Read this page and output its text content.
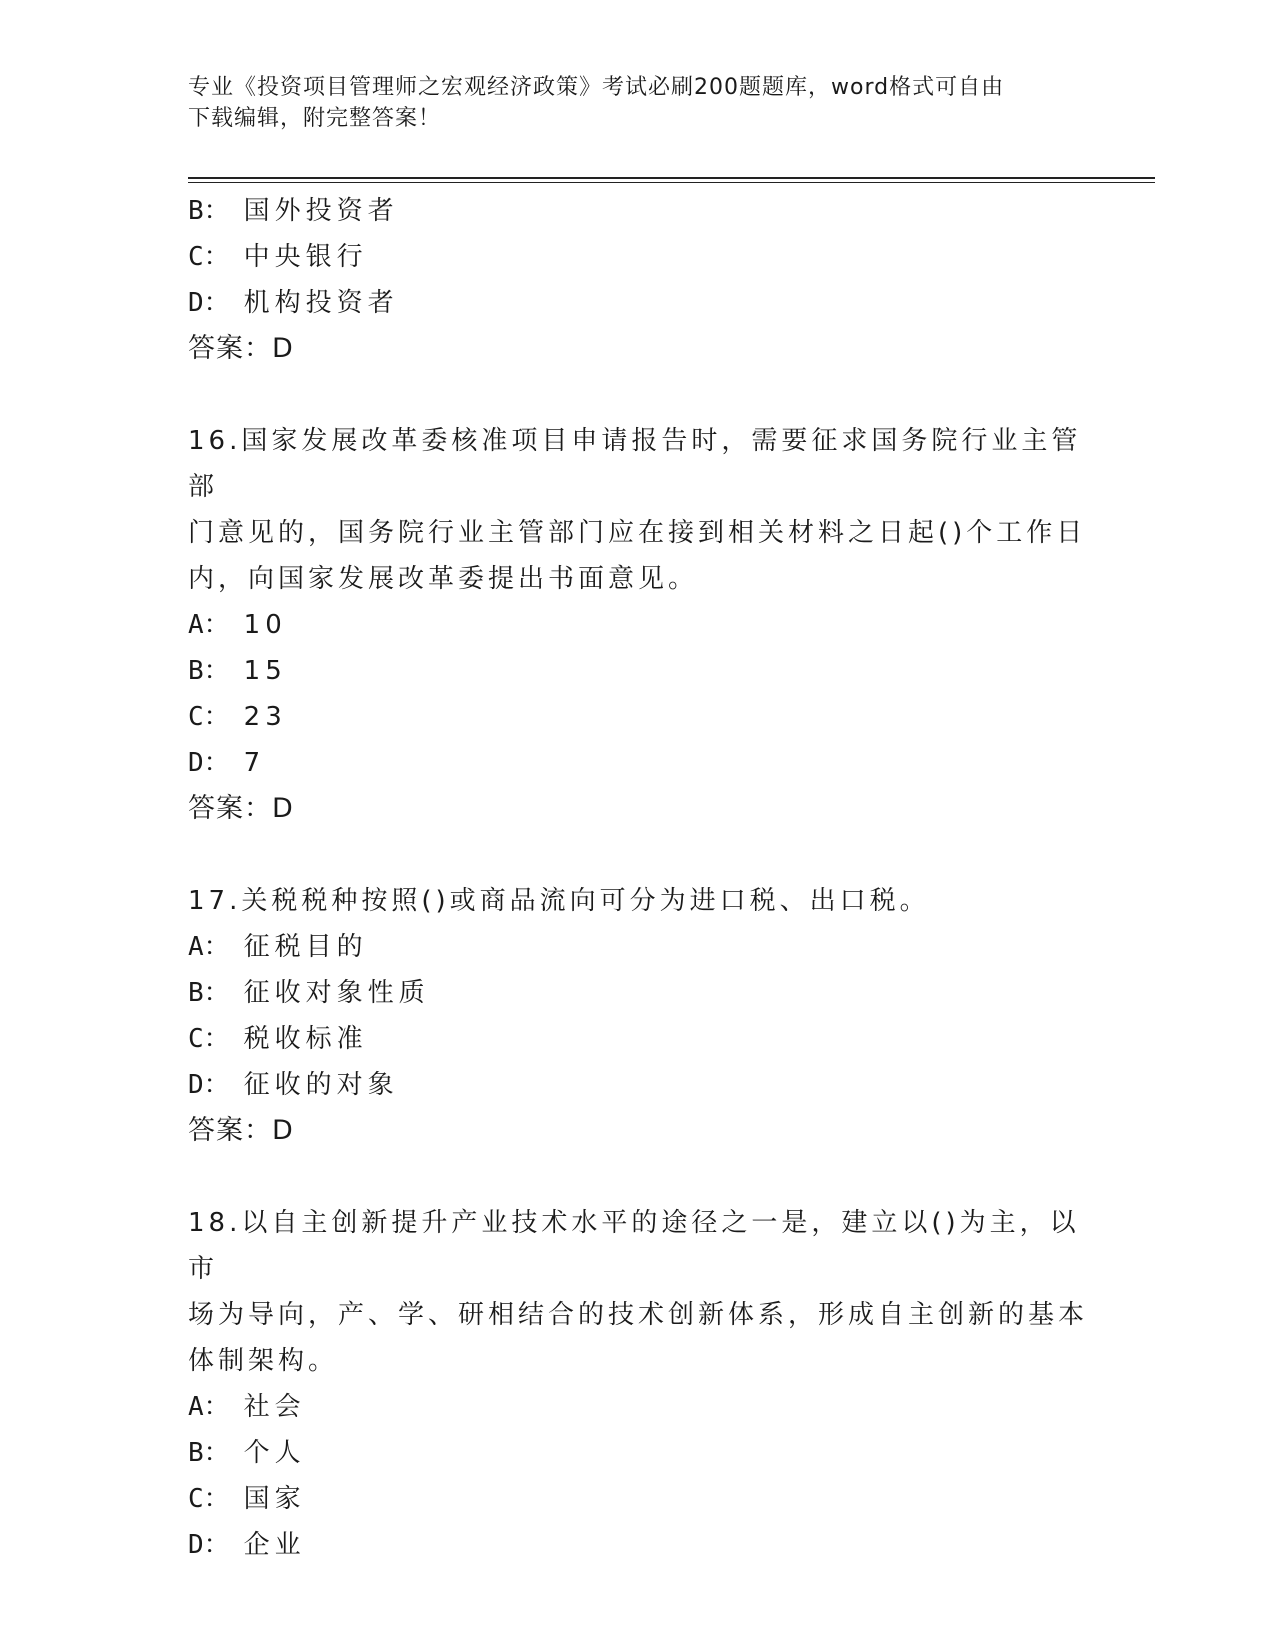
专业《投资项目管理师之宏观经济政策》考试必刷200题题库，word格式可自由
下载编辑，附完整答案！
B： 国外投资者
C： 中央银行
D： 机构投资者
答案：D
16.国家发展改革委核准项目申请报告时，需要征求国务院行业主管部
门意见的，国务院行业主管部门应在接到相关材料之日起()个工作日
内，向国家发展改革委提出书面意见。
A： 10
B： 15
C： 23
D： 7
答案：D
17.关税税种按照()或商品流向可分为进口税、出口税。
A： 征税目的
B： 征收对象性质
C： 税收标准
D： 征收的对象
答案：D
18.以自主创新提升产业技术水平的途径之一是，建立以()为主，以市
场为导向，产、学、研相结合的技术创新体系，形成自主创新的基本
体制架构。
A： 社会
B： 个人
C： 国家
D： 企业
